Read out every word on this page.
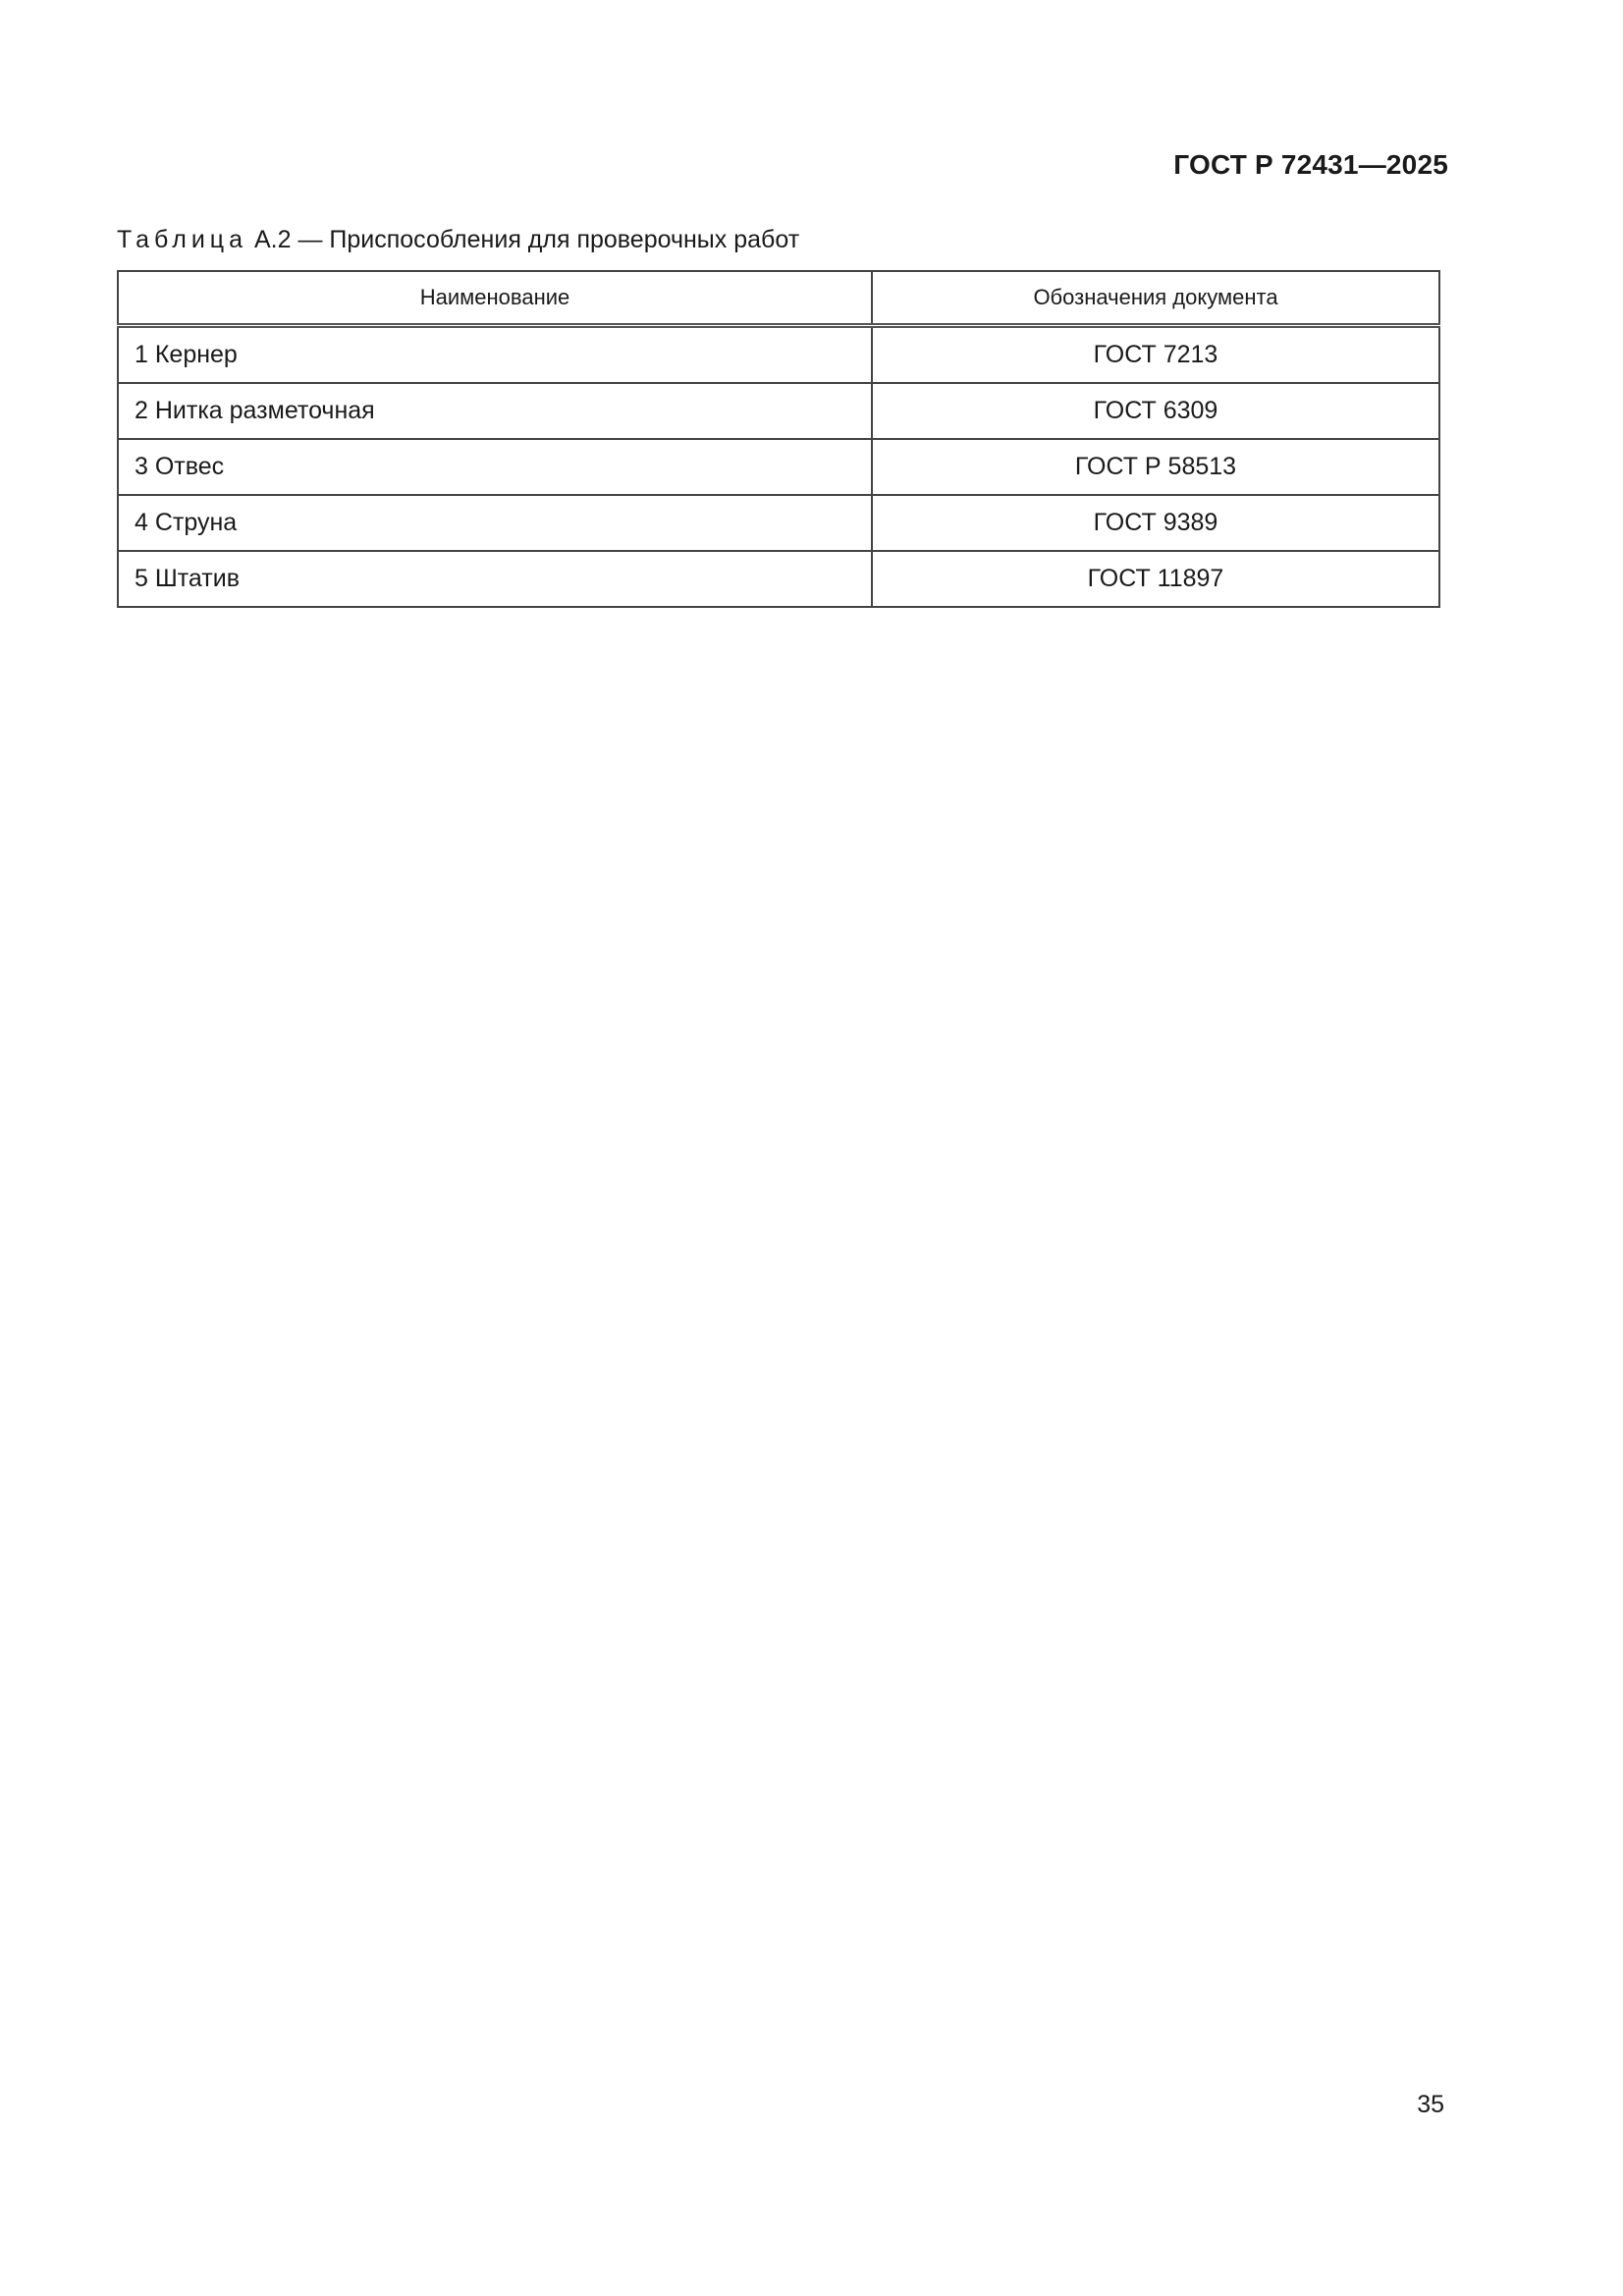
ГОСТ Р 72431—2025
Таблица А.2 — Приспособления для проверочных работ
Наименование	Обозначения документа
1 Кернер	ГОСТ 7213
2 Нитка разметочная	ГОСТ 6309
3 Отвес	ГОСТ Р 58513
4 Струна	ГОСТ 9389
5 Штатив	ГОСТ 11897
35
